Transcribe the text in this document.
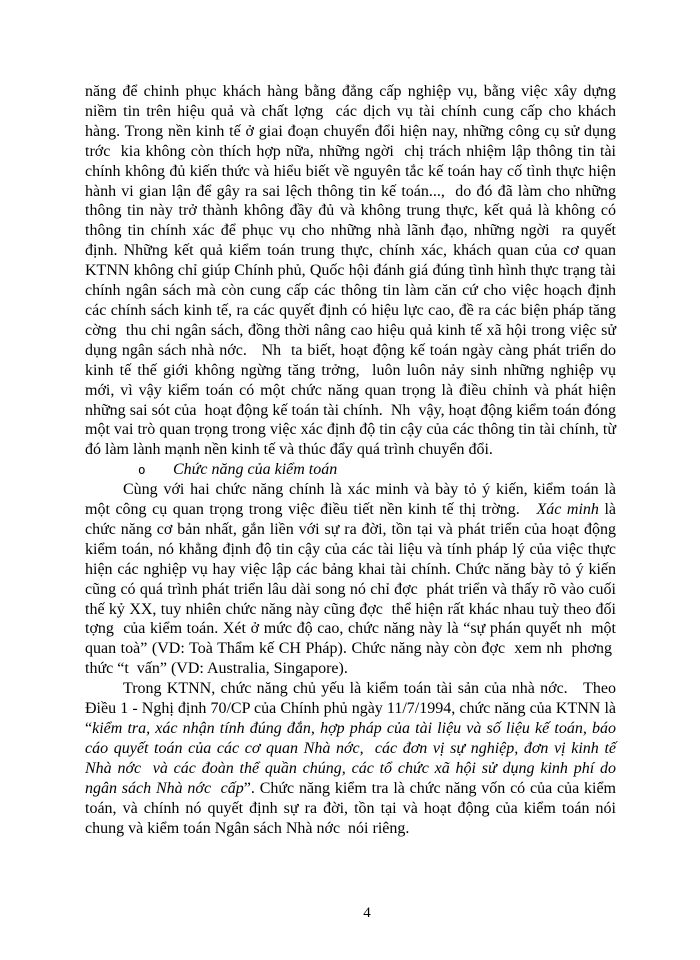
năng để chinh phục khách hàng bằng đẳng cấp nghiệp vụ, bằng việc xây dựng niềm tin trên hiệu quả và chất lợng  các dịch vụ tài chính cung cấp cho khách hàng. Trong nền kinh tế ở giai đoạn chuyển đổi hiện nay, những công cụ sử dụng trớc  kia không còn thích hợp nữa, những ngời  chị trách nhiệm lập thông tin tài chính không đủ kiến thức và hiểu biết về nguyên tắc kế toán hay cố tình thực hiện hành vi gian lận để gây ra sai lệch thông tin kế toán...,  do đó đã làm cho những thông tin này trở thành không đầy đủ và không trung thực, kết quả là không có thông tin chính xác để phục vụ cho những nhà lãnh đạo, những ngời  ra quyết định. Những kết quả kiểm toán trung thực, chính xác, khách quan của cơ quan KTNN không chỉ giúp Chính phủ, Quốc hội đánh giá đúng tình hình thực trạng tài chính ngân sách mà còn cung cấp các thông tin làm căn cứ cho việc hoạch định các chính sách kinh tế, ra các quyết định có hiệu lực cao, đề ra các biện pháp tăng cờng  thu chi ngân sách, đồng thời nâng cao hiệu quả kinh tế xã hội trong việc sử dụng ngân sách nhà nớc.   Nh  ta biết, hoạt động kế toán ngày càng phát triển do kinh tế thế giới không ngừng tăng trởng,  luôn luôn nảy sinh những nghiệp vụ mới, vì vậy kiểm toán có một chức năng quan trọng là điều chỉnh và phát hiện những sai sót của  hoạt động kế toán tài chính.  Nh  vậy, hoạt động kiểm toán đóng một vai trò quan trọng trong việc xác định độ tin cậy của các thông tin tài chính, từ đó làm lành mạnh nền kinh tế và thúc đẩy quá trình chuyển đổi.

o Chức năng của kiểm toán

Cùng với hai chức năng chính là xác minh và bày tỏ ý kiến, kiểm toán là một công cụ quan trọng trong việc điều tiết nền kinh tế thị trờng.   Xác minh là chức năng cơ bản nhất, gắn liền với sự ra đời, tồn tại và phát triển của hoạt động kiểm toán, nó khẳng định độ tin cậy của các tài liệu và tính pháp lý của việc thực hiện các nghiệp vụ hay việc lập các bảng khai tài chính. Chức năng bày tỏ ý kiến cũng có quá trình phát triển lâu dài song nó chỉ đợc  phát triển và thấy rõ vào cuối thế kỷ XX, tuy nhiên chức năng này cũng đợc  thể hiện rất khác nhau tuỳ theo đối tợng  của kiểm toán. Xét ở mức độ cao, chức năng này là “sự phán quyết nh  một quan toà” (VD: Toà Thẩm kế CH Pháp). Chức năng này còn đợc  xem nh  phơng  thức “t  vấn” (VD: Australia, Singapore).

Trong KTNN, chức năng chủ yếu là kiểm toán tài sản của nhà nớc.   Theo Điều 1 - Nghị định 70/CP của Chính phủ ngày 11/7/1994, chức năng của KTNN là “kiểm tra, xác nhận tính đúng đắn, hợp pháp của tài liệu và số liệu kế toán, báo cáo quyết toán của các cơ quan Nhà nớc,  các đơn vị sự nghiệp, đơn vị kinh tế Nhà nớc  và các đoàn thể quần chúng, các tổ chức xã hội sử dụng kinh phí do ngân sách Nhà nớc  cấp”. Chức năng kiểm tra là chức năng vốn có của của kiểm toán, và chính nó quyết định sự ra đời, tồn tại và hoạt động của kiểm toán nói chung và kiểm toán Ngân sách Nhà nớc  nói riêng.

4
